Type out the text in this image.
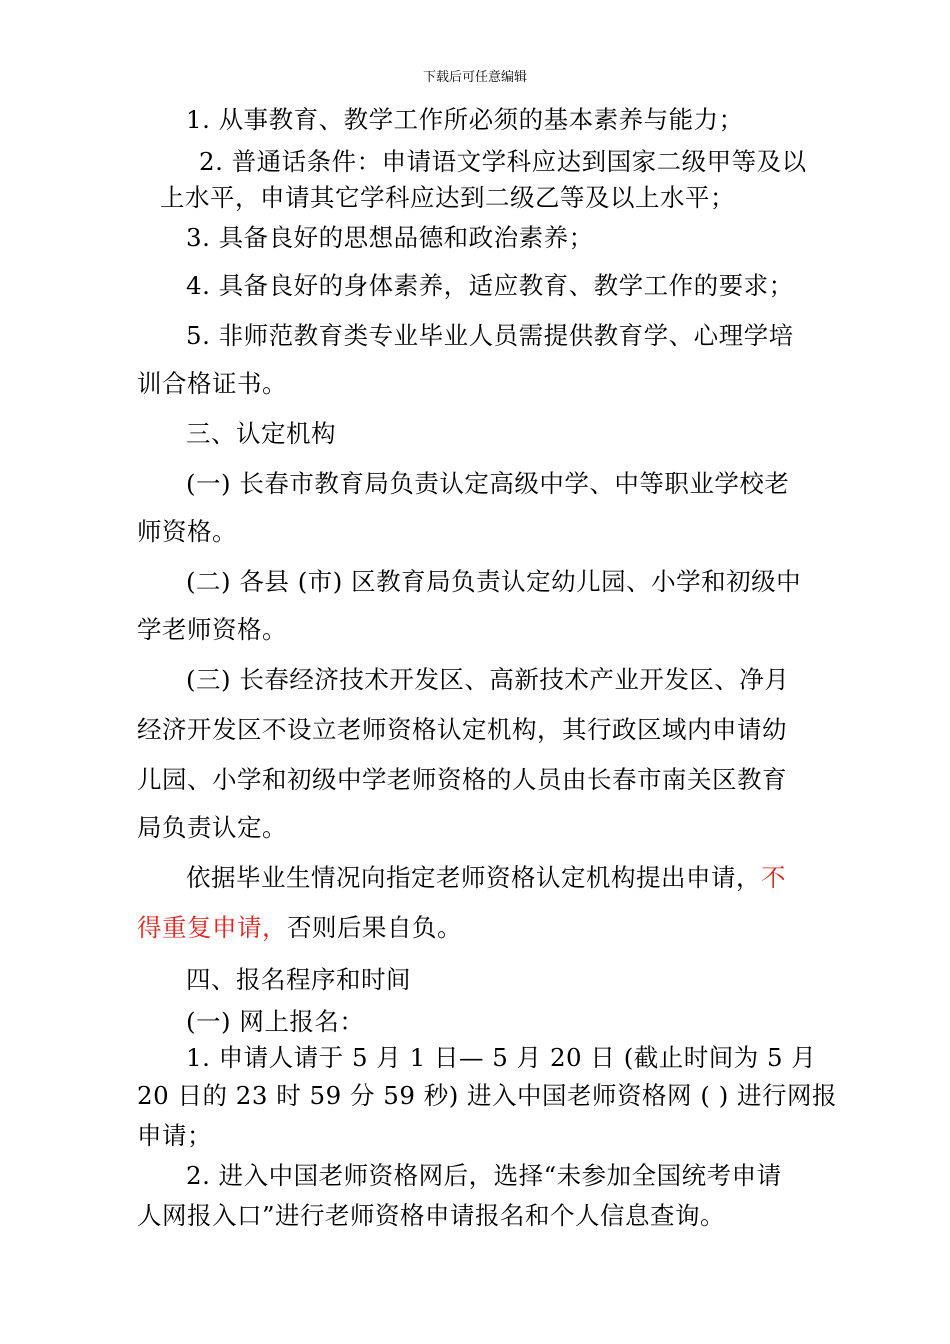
下载后可任意编辑
1. 从事教育、教学工作所必须的基本素养与能力；
2. 普通话条件：申请语文学科应达到国家二级甲等及以
上水平，申请其它学科应达到二级乙等及以上水平；
3. 具备良好的思想品德和政治素养；
4. 具备良好的身体素养，适应教育、教学工作的要求；
5. 非师范教育类专业毕业人员需提供教育学、心理学培
训合格证书。
三、认定机构
(一) 长春市教育局负责认定高级中学、中等职业学校老
师资格。
(二) 各县 (市) 区教育局负责认定幼儿园、小学和初级中
学老师资格。
(三) 长春经济技术开发区、高新技术产业开发区、净月
经济开发区不设立老师资格认定机构，其行政区域内申请幼
儿园、小学和初级中学老师资格的人员由长春市南关区教育
局负责认定。
依据毕业生情况向指定老师资格认定机构提出申请，不
得重复申请，否则后果自负。
四、报名程序和时间
(一) 网上报名：
1. 申请人请于 5 月 1 日— 5 月 20 日 (截止时间为 5 月
20 日的 23 时 59 分 59 秒) 进入中国老师资格网 ( ) 进行网报
申请；
2. 进入中国老师资格网后，选择“未参加全国统考申请
人网报入口”进行老师资格申请报名和个人信息查询。
